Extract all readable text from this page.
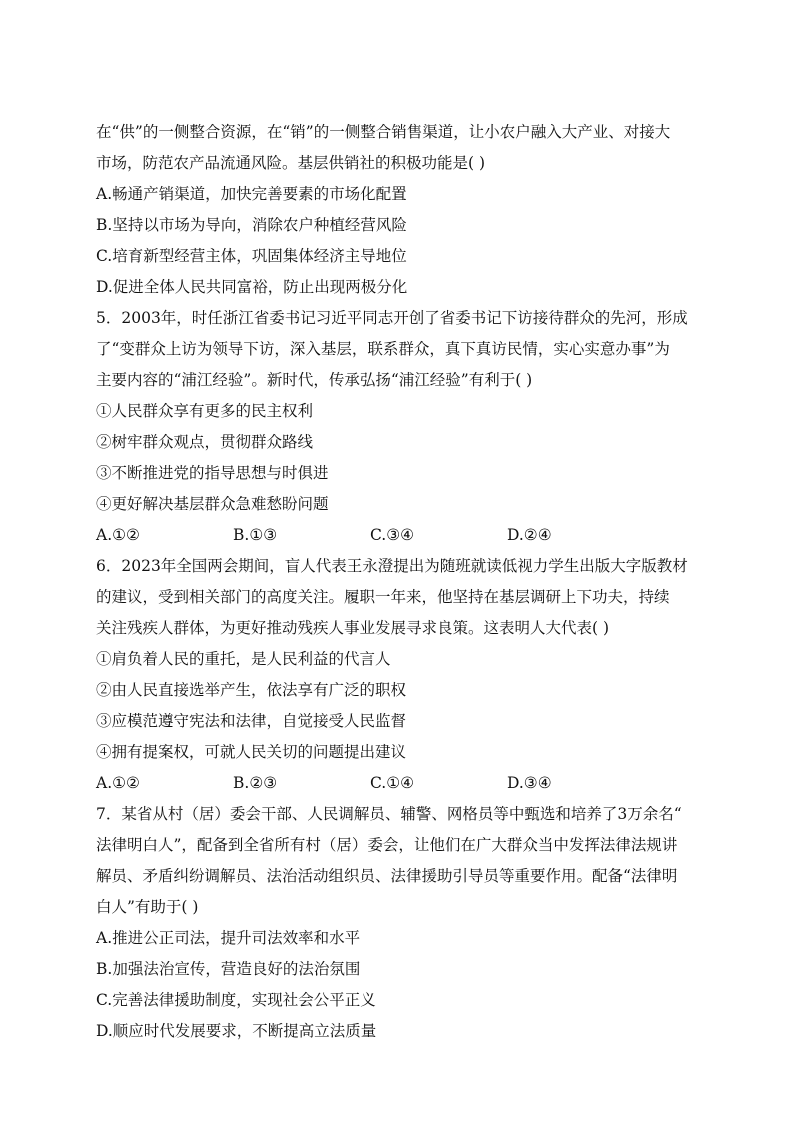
在“供”的一侧整合资源，在“销”的一侧整合销售渠道，让小农户融入大产业、对接大
市场，防范农产品流通风险。基层供销社的积极功能是( )
A.畅通产销渠道，加快完善要素的市场化配置
B.坚持以市场为导向，消除农户种植经营风险
C.培育新型经营主体，巩固集体经济主导地位
D.促进全体人民共同富裕，防止出现两极分化
5．2003年，时任浙江省委书记习近平同志开创了省委书记下访接待群众的先河，形成
了“变群众上访为领导下访，深入基层，联系群众，真下真访民情，实心实意办事”为
主要内容的“浦江经验”。新时代，传承弘扬“浦江经验”有利于( )
①人民群众享有更多的民主权利
②树牢群众观点，贯彻群众路线
③不断推进党的指导思想与时俱进
④更好解决基层群众急难愁盼问题
A.①②	B.①③	C.③④	D.②④
6．2023年全国两会期间，盲人代表王永澄提出为随班就读低视力学生出版大字版教材
的建议，受到相关部门的高度关注。履职一年来，他坚持在基层调研上下功夫，持续
关注残疾人群体，为更好推动残疾人事业发展寻求良策。这表明人大代表( )
①肩负着人民的重托，是人民利益的代言人
②由人民直接选举产生，依法享有广泛的职权
③应模范遵守宪法和法律，自觉接受人民监督
④拥有提案权，可就人民关切的问题提出建议
A.①②	B.②③	C.①④	D.③④
7．某省从村（居）委会干部、人民调解员、辅警、网格员等中甄选和培养了3万余名“
法律明白人”，配备到全省所有村（居）委会，让他们在广大群众当中发挥法律法规讲
解员、矛盾纠纷调解员、法治活动组织员、法律援助引导员等重要作用。配备“法律明
白人”有助于( )
A.推进公正司法，提升司法效率和水平
B.加强法治宣传，营造良好的法治氛围
C.完善法律援助制度，实现社会公平正义
D.顺应时代发展要求，不断提高立法质量
